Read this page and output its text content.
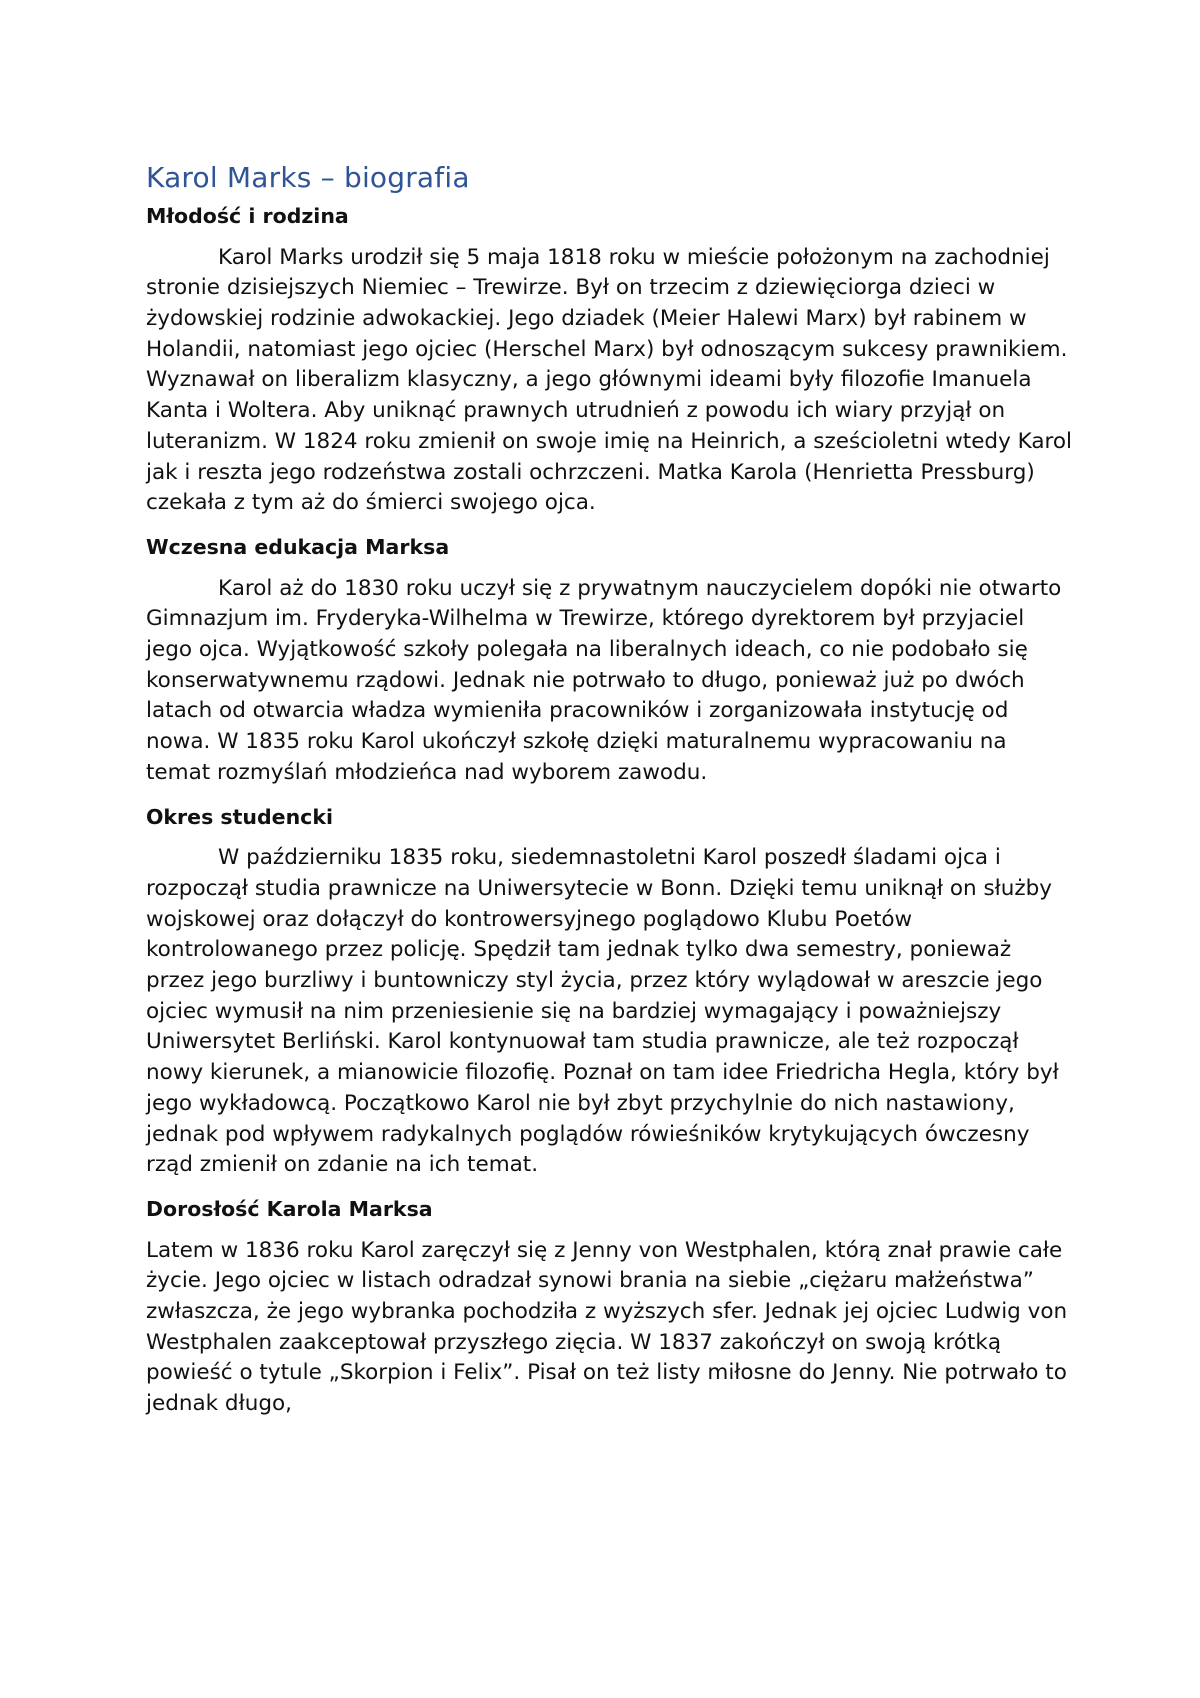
Karol Marks – biografia
Młodość i rodzina

Karol Marks urodził się 5 maja 1818 roku w mieście położonym na zachodniej stronie dzisiejszych Niemiec – Trewirze. Był on trzecim z dziewięciorga dzieci w żydowskiej rodzinie adwokackiej. Jego dziadek (Meier Halewi Marx) był rabinem w Holandii, natomiast jego ojciec (Herschel Marx) był odnoszącym sukcesy prawnikiem. Wyznawał on liberalizm klasyczny, a jego głównymi ideami były filozofie Imanuela Kanta i Woltera. Aby uniknąć prawnych utrudnień z powodu ich wiary przyjął on luteranizm. W 1824 roku zmienił on swoje imię na Heinrich, a sześcioletni wtedy Karol jak i reszta jego rodzeństwa zostali ochrzczeni. Matka Karola (Henrietta Pressburg) czekała z tym aż do śmierci swojego ojca.

Wczesna edukacja Marksa

Karol aż do 1830 roku uczył się z prywatnym nauczycielem dopóki nie otwarto Gimnazjum im. Fryderyka-Wilhelma w Trewirze, którego dyrektorem był przyjaciel jego ojca. Wyjątkowość szkoły polegała na liberalnych ideach, co nie podobało się konserwatywnemu rządowi. Jednak nie potrwało to długo, ponieważ już po dwóch latach od otwarcia władza wymieniła pracowników i zorganizowała instytucję od nowa. W 1835 roku Karol ukończył szkołę dzięki maturalnemu wypracowaniu na temat rozmyślań młodzieńca nad wyborem zawodu.

Okres studencki

W październiku 1835 roku, siedemnastoletni Karol poszedł śladami ojca i rozpoczął studia prawnicze na Uniwersytecie w Bonn. Dzięki temu uniknął on służby wojskowej oraz dołączył do kontrowersyjnego poglądowo Klubu Poetów kontrolowanego przez policję. Spędził tam jednak tylko dwa semestry, ponieważ przez jego burzliwy i buntowniczy styl życia, przez który wylądował w areszcie jego ojciec wymusił na nim przeniesienie się na bardziej wymagający i poważniejszy Uniwersytet Berliński. Karol kontynuował tam studia prawnicze, ale też rozpoczął nowy kierunek, a mianowicie filozofię. Poznał on tam idee Friedricha Hegla, który był jego wykładowcą. Początkowo Karol nie był zbyt przychylnie do nich nastawiony, jednak pod wpływem radykalnych poglądów rówieśników krytykujących ówczesny rząd zmienił on zdanie na ich temat.

Dorosłość Karola Marksa

Latem w 1836 roku Karol zaręczył się z Jenny von Westphalen, którą znał prawie całe życie. Jego ojciec w listach odradzał synowi brania na siebie „ciężaru małżeństwa” zwłaszcza, że jego wybranka pochodziła z wyższych sfer. Jednak jej ojciec Ludwig von Westphalen zaakceptował przyszłego zięcia. W 1837 zakończył on swoją krótką powieść o tytule „Skorpion i Felix”. Pisał on też listy miłosne do Jenny. Nie potrwało to jednak długo,
